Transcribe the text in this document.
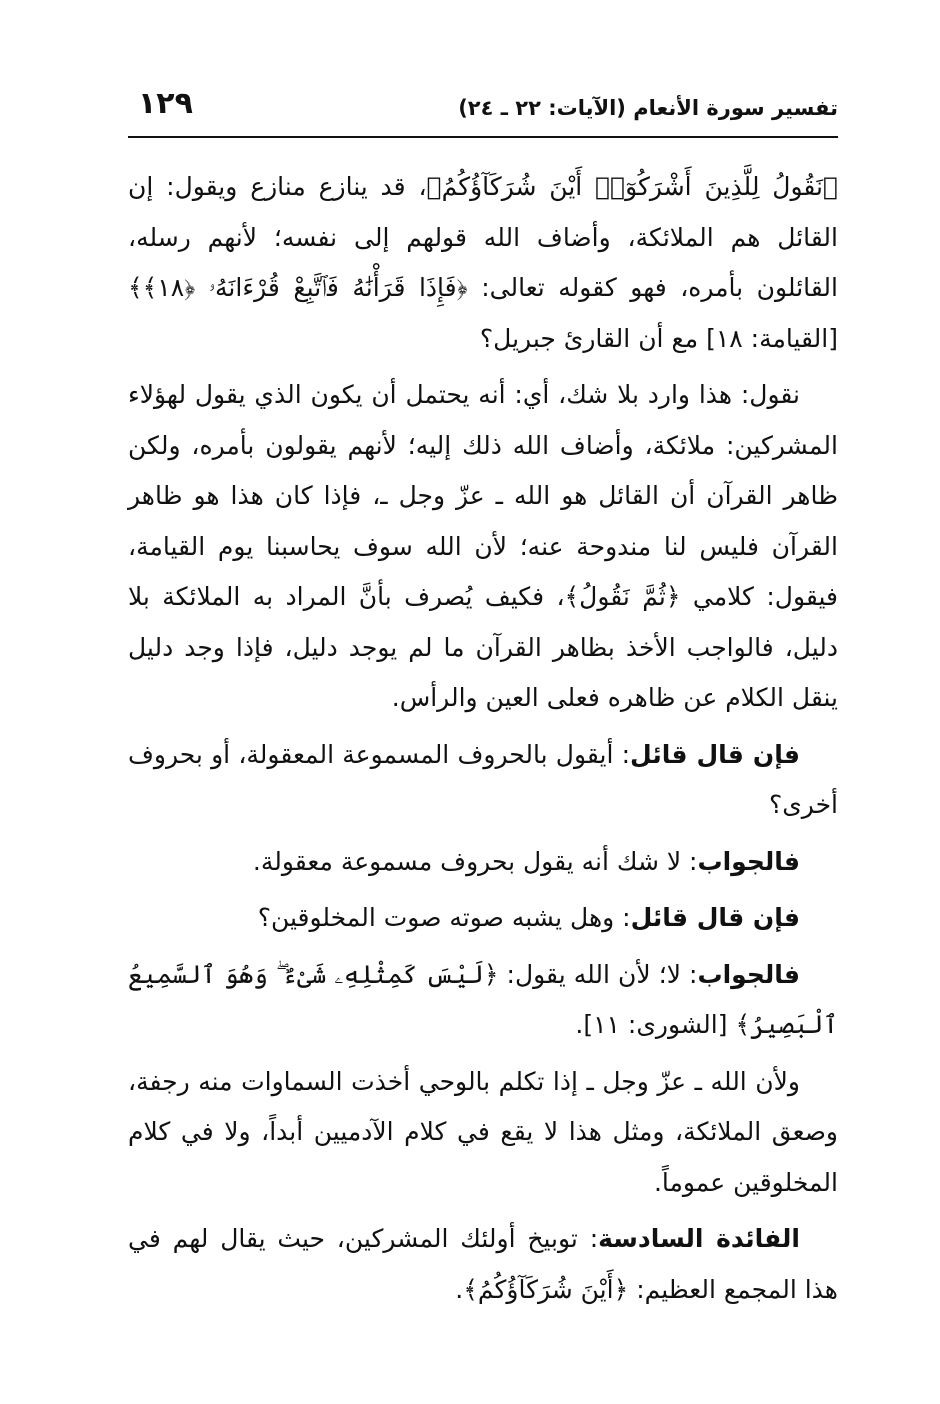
تفسير سورة الأنعام (الآيات: ٢٢ ـ ٢٤)
١٢٩

﴿نَقُولُ لِلَّذِينَ أَشْرَكُوٓا۟ أَيْنَ شُرَكَآؤُكُمُ﴾، قد ينازع منازع ويقول: إن القائل هم الملائكة، وأضاف الله قولهم إلى نفسه؛ لأنهم رسله، القائلون بأمره، فهو كقوله تعالى: ﴿فَإِذَا قَرَأْنَٰهُ فَٱتَّبِعْ قُرْءَانَهُۥ ﴿١٨﴾﴾ [القيامة: ١٨] مع أن القارئ جبريل؟

نقول: هذا وارد بلا شك، أي: أنه يحتمل أن يكون الذي يقول لهؤلاء المشركين: ملائكة، وأضاف الله ذلك إليه؛ لأنهم يقولون بأمره، ولكن ظاهر القرآن أن القائل هو الله ـ عزّ وجل ـ، فإذا كان هذا هو ظاهر القرآن فليس لنا مندوحة عنه؛ لأن الله سوف يحاسبنا يوم القيامة، فيقول: كلامي ﴿ثُمَّ نَقُولُ﴾، فكيف يُصرف بأنَّ المراد به الملائكة بلا دليل، فالواجب الأخذ بظاهر القرآن ما لم يوجد دليل، فإذا وجد دليل ينقل الكلام عن ظاهره فعلى العين والرأس.

فإن قال قائل: أيقول بالحروف المسموعة المعقولة، أو بحروف أخرى؟

فالجواب: لا شك أنه يقول بحروف مسموعة معقولة.

فإن قال قائل: وهل يشبه صوته صوت المخلوقين؟

فالجواب: لا؛ لأن الله يقول: ﴿لَيْسَ كَمِثْلِهِۦ شَىْءٌ ۖ وَهُوَ ٱلسَّمِيعُ ٱلْبَصِيرُ﴾ [الشورى: ١١].

ولأن الله ـ عزّ وجل ـ إذا تكلم بالوحي أخذت السماوات منه رجفة، وصعق الملائكة، ومثل هذا لا يقع في كلام الآدميين أبداً، ولا في كلام المخلوقين عموماً.

الفائدة السادسة: توبيخ أولئك المشركين، حيث يقال لهم في هذا المجمع العظيم: ﴿أَيْنَ شُرَكَآؤُكُمُ﴾.
